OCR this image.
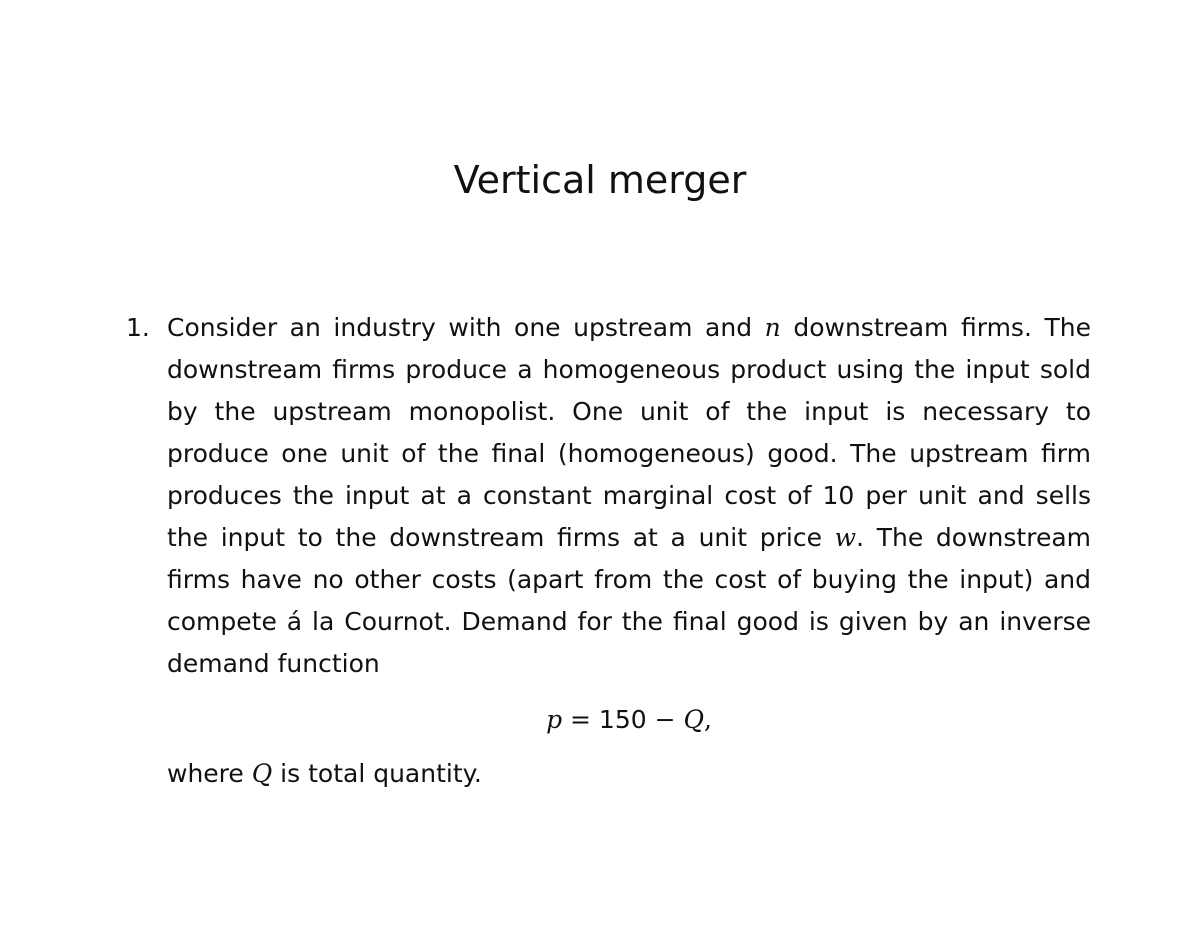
Vertical merger
1. Consider an industry with one upstream and n downstream firms. The downstream firms produce a homogeneous product using the input sold by the upstream monopolist. One unit of the input is necessary to produce one unit of the final (homogeneous) good. The upstream firm produces the input at a constant marginal cost of 10 per unit and sells the input to the downstream firms at a unit price w. The downstream firms have no other costs (apart from the cost of buying the input) and compete á la Cournot. Demand for the final good is given by an inverse demand function
p = 150 − Q,
where Q is total quantity.
